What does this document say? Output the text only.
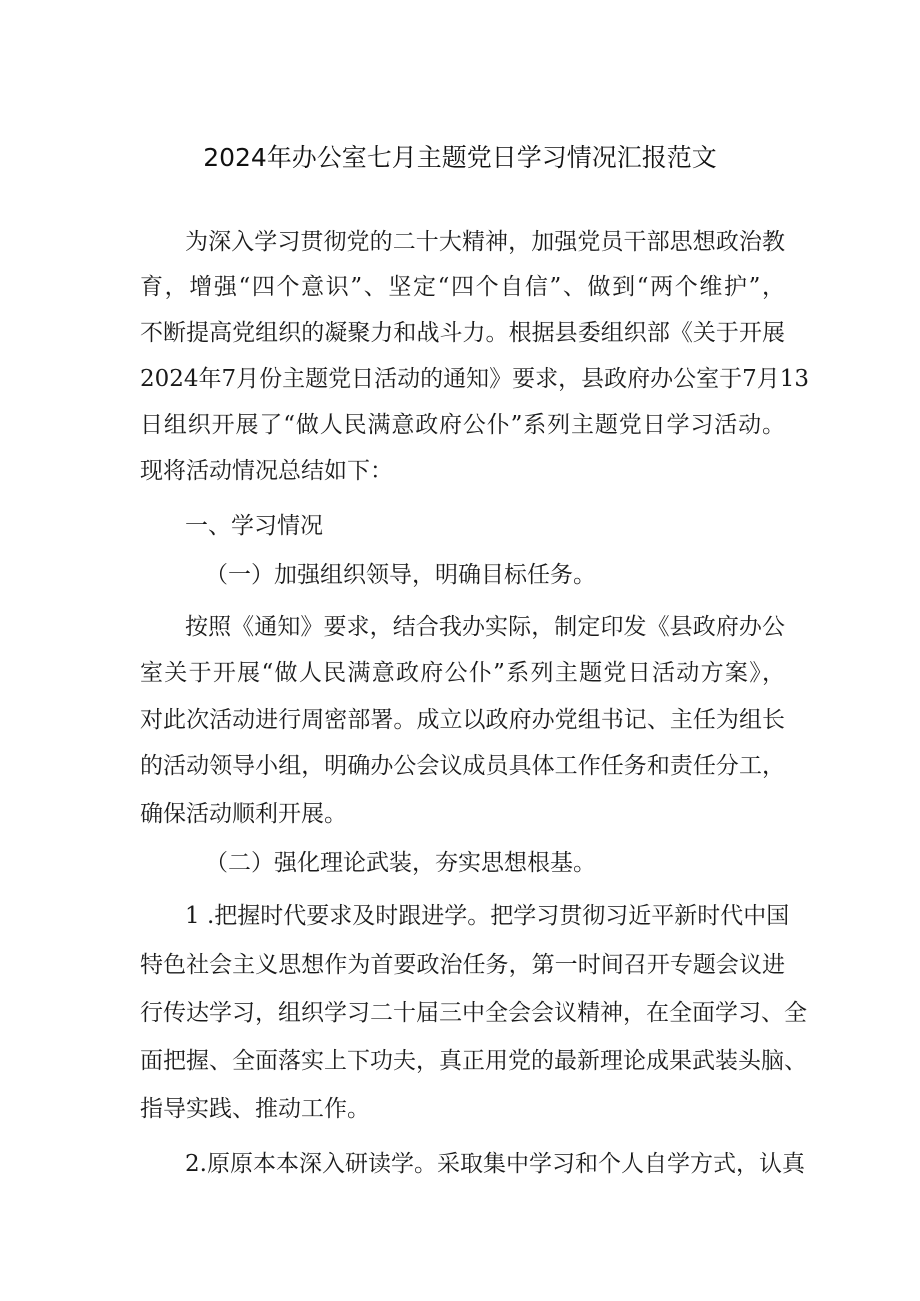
2024年办公室七月主题党日学习情况汇报范文
为深入学习贯彻党的二十大精神，加强党员干部思想政治教
育，增强“四个意识”、坚定“四个自信”、做到“两个维护”，
不断提高党组织的凝聚力和战斗力。根据县委组织部《关于开展
2024年7月份主题党日活动的通知》要求，县政府办公室于7月13
日组织开展了“做人民满意政府公仆”系列主题党日学习活动。
现将活动情况总结如下：
一、学习情况
（一）加强组织领导，明确目标任务。
按照《通知》要求，结合我办实际，制定印发《县政府办公
室关于开展“做人民满意政府公仆”系列主题党日活动方案》，
对此次活动进行周密部署。成立以政府办党组书记、主任为组长
的活动领导小组，明确办公会议成员具体工作任务和责任分工，
确保活动顺利开展。
（二）强化理论武装，夯实思想根基。
1 .把握时代要求及时跟进学。把学习贯彻习近平新时代中国
特色社会主义思想作为首要政治任务，第一时间召开专题会议进
行传达学习，组织学习二十届三中全会会议精神，在全面学习、全
面把握、全面落实上下功夫，真正用党的最新理论成果武装头脑、
指导实践、推动工作。
2.原原本本深入研读学。采取集中学习和个人自学方式，认真
